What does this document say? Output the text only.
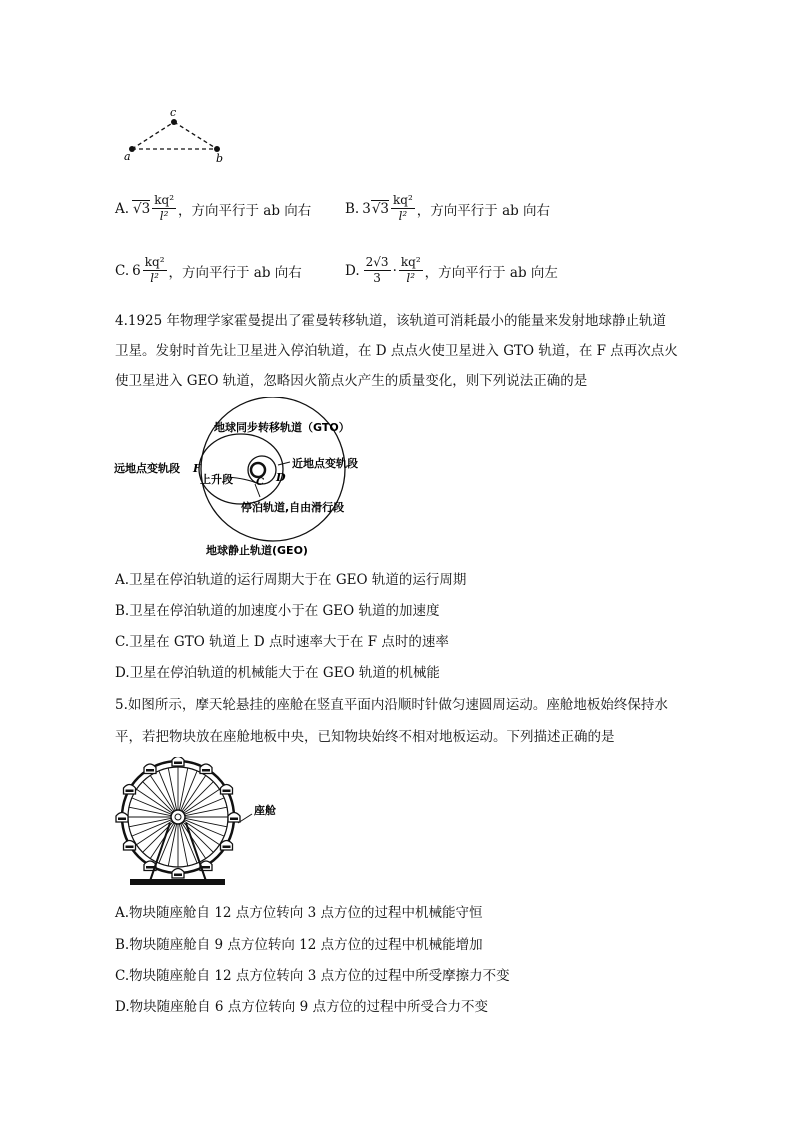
c
a	b
A. $√3 \frac{\text{kq²}}{\text{l²}}$ ，方向平行于 ab 向右 B. 3 $√3 \frac{\text{kq²}}{\text{l²}}$ ，方向平行于 ab 向右
C. $6 \frac{\text{kq²}}{\text{l²}}$ ，方向平行于 ab 向右	D. $\frac{2√3}{3} \cdot \frac{\text{kq²}}{\text{l²}}$ ，方向平行于 ab 向左
4.1925 年物理学家霍曼提出了霍曼转移轨道，该轨道可消耗最小的能量来发射地球静止轨道
卫星。发射时首先让卫星进入停泊轨道，在 D 点点火使卫星进入 GTO 轨道，在 F 点再次点火
使卫星进入 GEO 轨道，忽略因火箭点火产生的质量变化，则下列说法正确的是
地球同步转移轨道（GTO）
远地点变轨段 F	近地点变轨段
D
上升段 C
停泊轨道,自由滑行段
地球静止轨道(GEO)
A.卫星在停泊轨道的运行周期大于在 GEO 轨道的运行周期
B.卫星在停泊轨道的加速度小于在 GEO 轨道的加速度
C.卫星在 GTO 轨道上 D 点时速率大于在 F 点时的速率
D.卫星在停泊轨道的机械能大于在 GEO 轨道的机械能
5.如图所示，摩天轮悬挂的座舱在竖直平面内沿顺时针做匀速圆周运动。座舱地板始终保持水
平，若把物块放在座舱地板中央，已知物块始终不相对地板运动。下列描述正确的是
座舱
A.物块随座舱自 12 点方位转向 3 点方位的过程中机械能守恒
B.物块随座舱自 9 点方位转向 12 点方位的过程中机械能增加
C.物块随座舱自 12 点方位转向 3 点方位的过程中所受摩擦力不变
D.物块随座舱自 6 点方位转向 9 点方位的过程中所受合力不变
